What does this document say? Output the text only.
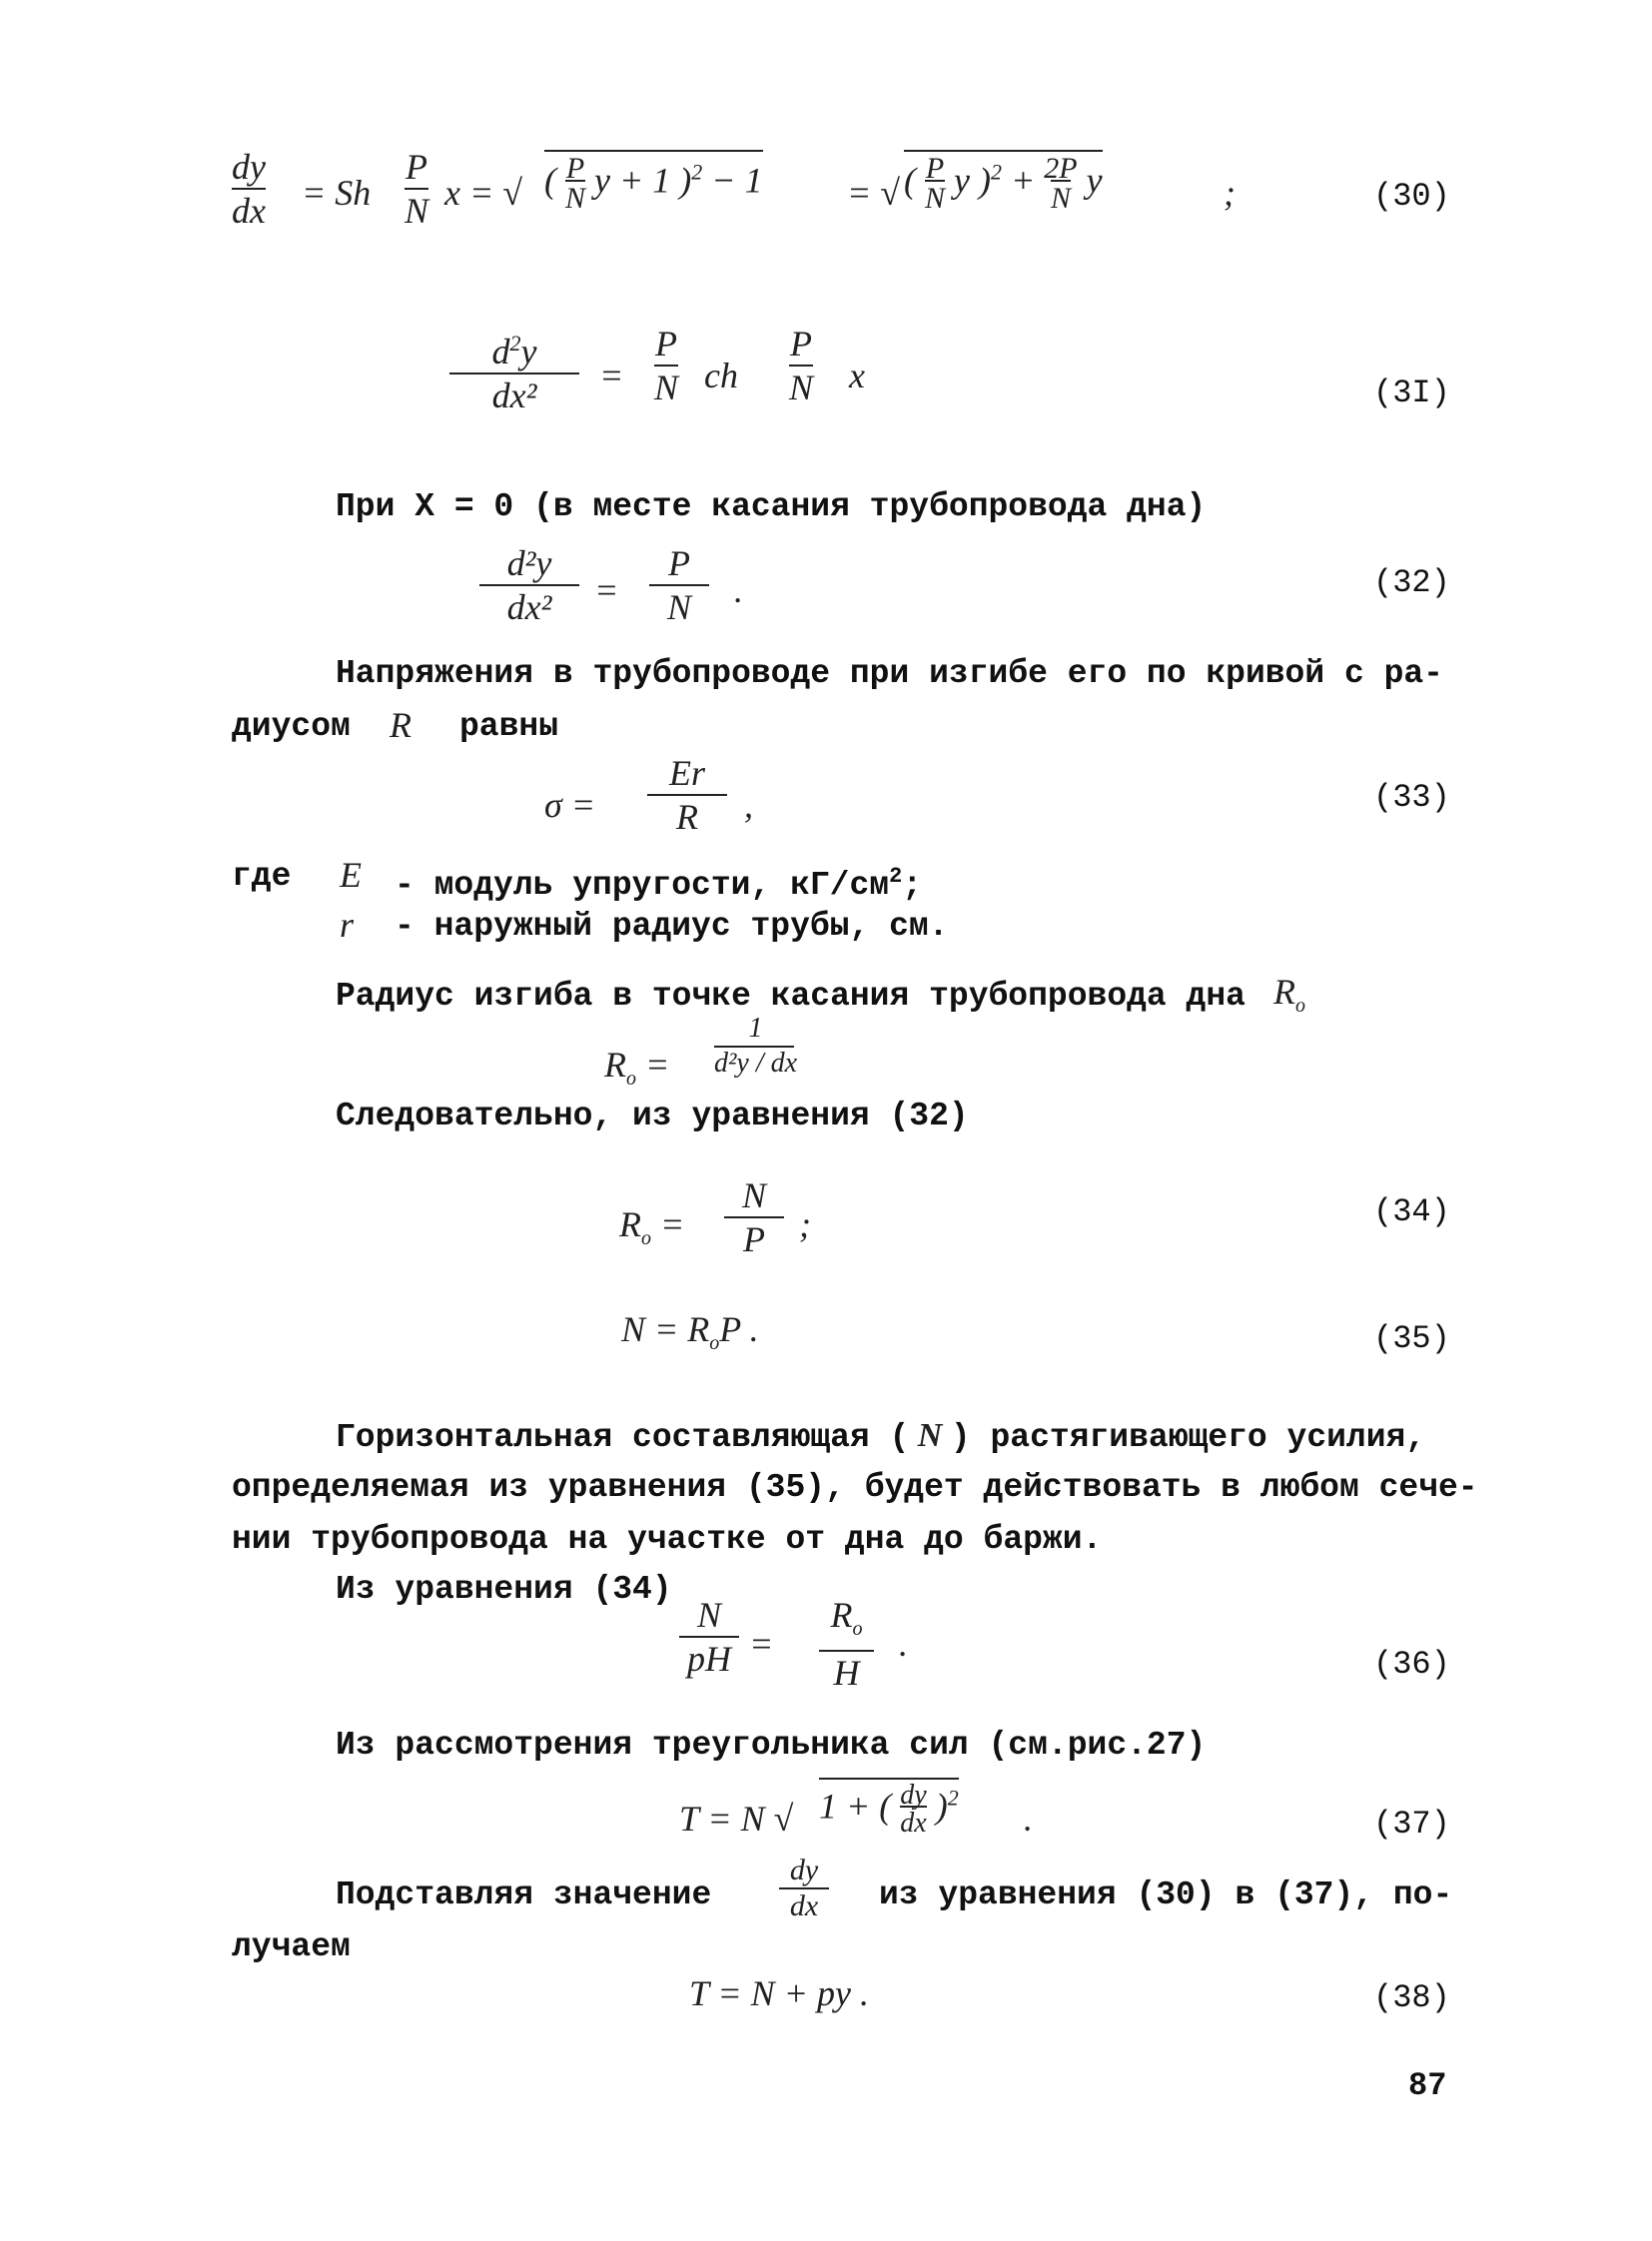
dy
dx = Sh
P
N x = √ ( P
N y + 1 )$^2$ − 1 = √ ( P
N y )$^2$ + 2P
N y	;	(30)
$d^2y$
dx²	=
P
N ch
P
N x	(3I)
При X = 0 (в месте касания трубопровода дна)
d²y
dx²	=
P
N	.	(32)
Напряжения в трубопроводе при изгибе его по кривой с ра-
диусом R равны
σ =
Er
R	,	(33)
где E - модуль упругости, $кГ/см^2$;
r - наружный радиус трубы, см.
Радиус изгиба в точке касания трубопровода дна $R_o$
$R_o$ =
1
d²y / dx
Следовательно, из уравнения (32)
$R_o$ =
N
P ;	(34)
$N = R_oP$ .	(35)
Горизонтальная составляющая ( N ) растягивающего усилия,
определяемая из уравнения (35), будет действовать в любом сече-
нии трубопровода на участке от дна до баржи.
Из уравнения (34)
N
pH =
$R_o$
H
.
(36)
Из рассмотрения треугольника сил (см.рис.27)
T = N √ 1 + ( dy
dx )$^2$
.	(37)
Подставляя значение
dy
dx	из уравнения (30) в (37), по-
лучаем
T = N + py .	(38)
87
